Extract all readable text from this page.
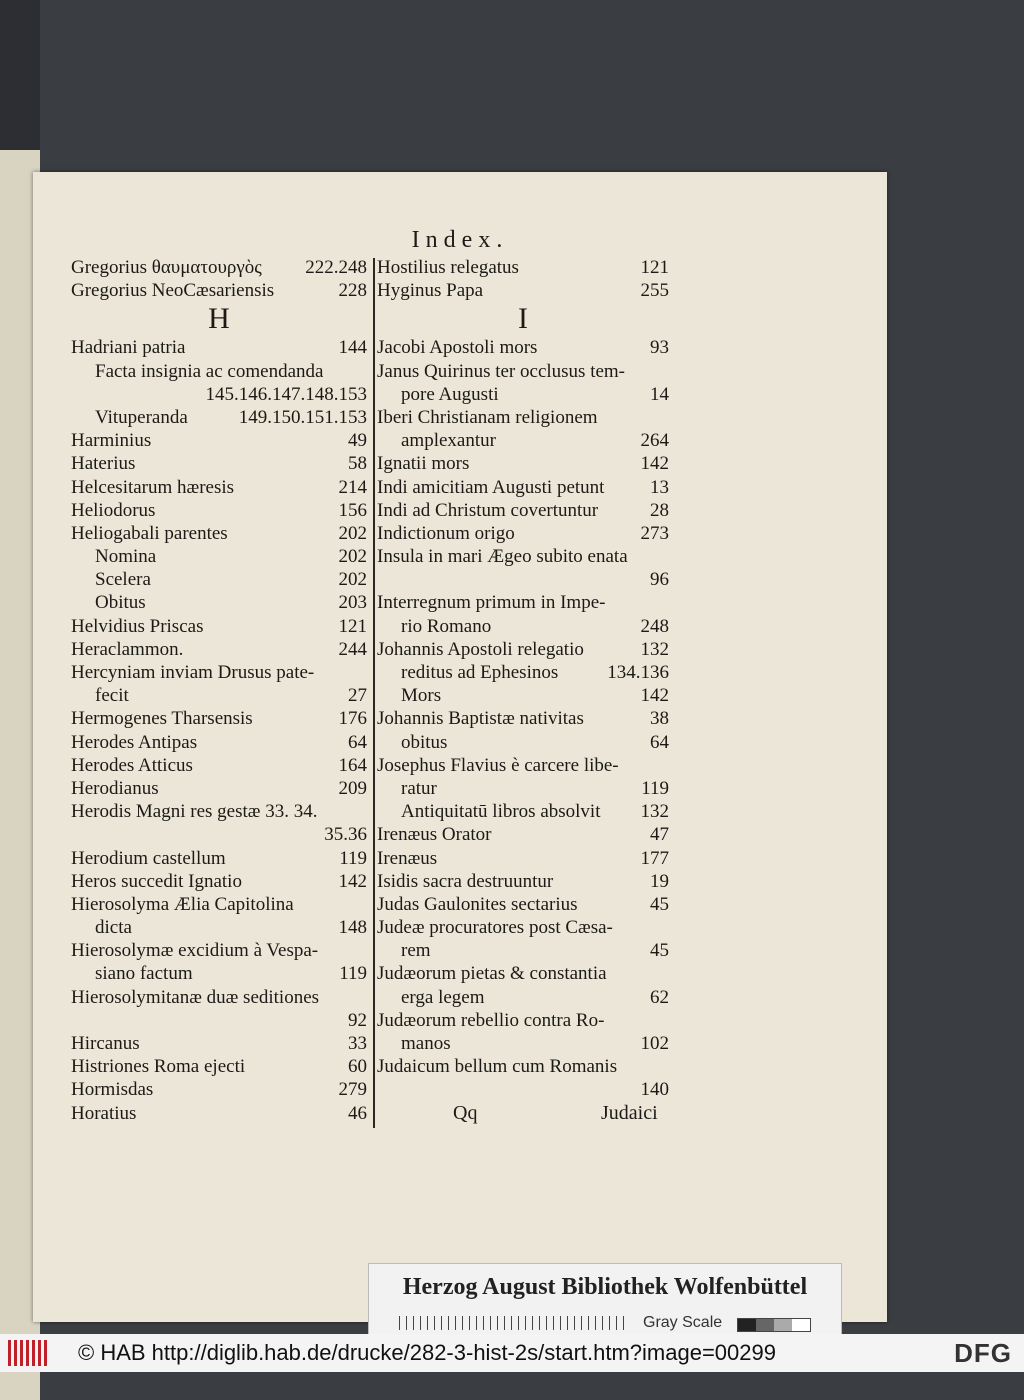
Index.
Gregorius θαυματουργὸς 222.248
Gregorius NeoCæsariensis	228
H
Hadriani patria	144
Facta insignia ac comendanda
145.146.147.148.153
Vituperanda	149.150.151.153
Harminius	49
Haterius	58
Helcesitarum hæresis	214
Heliodorus	156
Heliogabali parentes	202
Nomina	202
Scelera	202
Obitus	203
Helvidius Priscas	121
Heraclammon.	244
Hercyniam inviam Drusus pate-
fecit	27
Hermogenes Tharsensis	176
Herodes Antipas	64
Herodes Atticus	164
Herodianus	209
Herodis Magni res gestæ 33. 34.
35.36
Herodium castellum	119
Heros succedit Ignatio	142
Hierosolyma Ælia Capitolina
dicta	148
Hierosolymæ excidium à Vespa-
siano factum	119
Hierosolymitanæ duæ seditiones
92
Hircanus	33
Histriones Roma ejecti	60
Hormisdas	279
Horatius	46
Hostilius relegatus	121
Hyginus Papa	255
I
Jacobi Apostoli mors	93
Janus Quirinus ter occlusus tem-
pore Augusti	14
Iberi Christianam religionem
amplexantur	264
Ignatii mors	142
Indi amicitiam Augusti petunt 13
Indi ad Christum covertuntur	28
Indictionum origo	273
Insula in mari Ægeo subito enata
96
Interregnum primum in Impe-
rio Romano	248
Johannis Apostoli relegatio	132
reditus ad Ephesinos	134.136
Mors	142
Johannis Baptistæ nativitas	38
obitus	64
Josephus Flavius è carcere libe-
ratur	119
Antiquitatū libros absolvit 132
Irenæus Orator	47
Irenæus	177
Isidis sacra destruuntur	19
Judas Gaulonites sectarius	45
Judeæ procuratores post Cæsa-
rem	45
Judæorum pietas & constantia
erga legem	62
Judæorum rebellio contra Ro-
manos	102
Judaicum bellum cum Romanis
140
Qq	Judaici
Herzog August Bibliothek Wolfenbüttel
Gray Scale
© HAB http://diglib.hab.de/drucke/282-3-hist-2s/start.htm?image=00299	DFG
